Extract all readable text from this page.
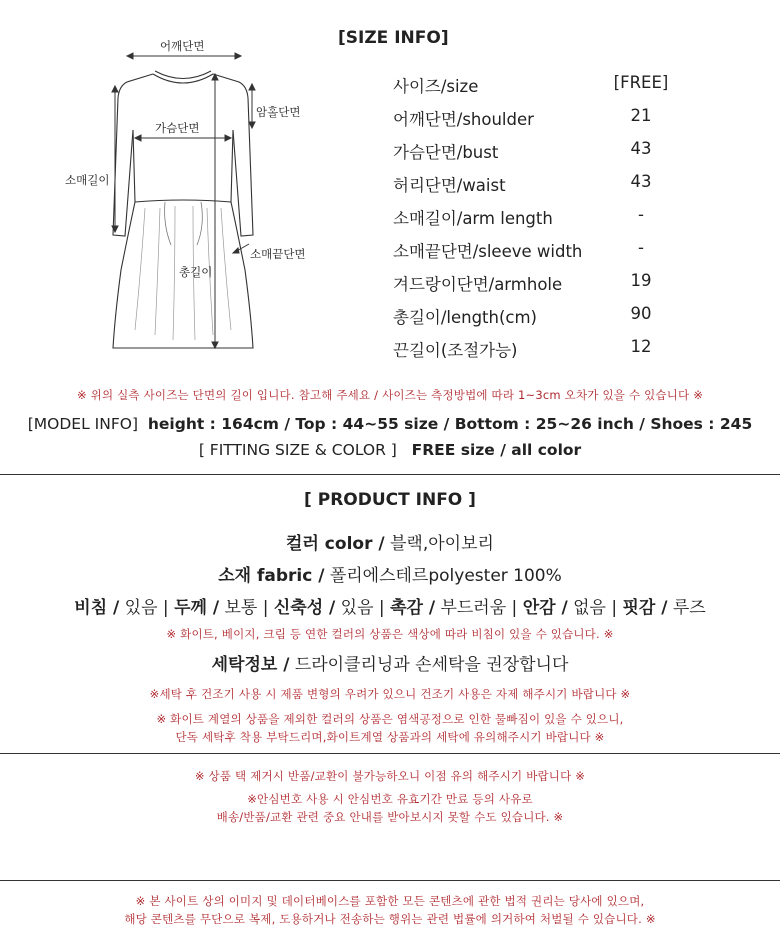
[SIZE INFO]
어깨단면
암홀단면
가슴단면
소매길이
소매끝단면
총길이
사이즈/size	[FREE]
어깨단면/shoulder	21
가슴단면/bust	43
허리단면/waist	43
소매길이/arm length	-
소매끝단면/sleeve width	-
겨드랑이단면/armhole	19
총길이/length(cm)	90
끈길이(조절가능)	12
※ 위의 실측 사이즈는 단면의 길이 입니다. 참고해 주세요 / 사이즈는 측정방법에 따라 1~3cm 오차가 있을 수 있습니다 ※
[MODEL INFO] height : 164cm / Top : 44~55 size / Bottom : 25~26 inch / Shoes : 245
[ FITTING SIZE & COLOR ] FREE size / all color
[ PRODUCT INFO ]
컬러 color / 블랙,아이보리
소재 fabric / 폴리에스테르polyester 100%
비침 / 있음 | 두께 / 보통 | 신축성 / 있음 | 촉감 / 부드러움 | 안감 / 없음 | 핏감 / 루즈
※ 화이트, 베이지, 크림 등 연한 컬러의 상품은 색상에 따라 비침이 있을 수 있습니다. ※
세탁정보 / 드라이클리닝과 손세탁을 권장합니다
※세탁 후 건조기 사용 시 제품 변형의 우려가 있으니 건조기 사용은 자제 해주시기 바랍니다 ※
※ 화이트 계열의 상품을 제외한 컬러의 상품은 염색공정으로 인한 물빠짐이 있을 수 있으니,
단독 세탁후 착용 부탁드리며,화이트계열 상품과의 세탁에 유의해주시기 바랍니다 ※
※ 상품 택 제거시 반품/교환이 불가능하오니 이점 유의 해주시기 바랍니다 ※
※안심번호 사용 시 안심번호 유효기간 만료 등의 사유로
배송/반품/교환 관련 중요 안내를 받아보시지 못할 수도 있습니다. ※
※ 본 사이트 상의 이미지 및 데이터베이스를 포함한 모든 콘텐츠에 관한 법적 권리는 당사에 있으며,
해당 콘텐츠를 무단으로 복제, 도용하거나 전송하는 행위는 관련 법률에 의거하여 처벌될 수 있습니다. ※
